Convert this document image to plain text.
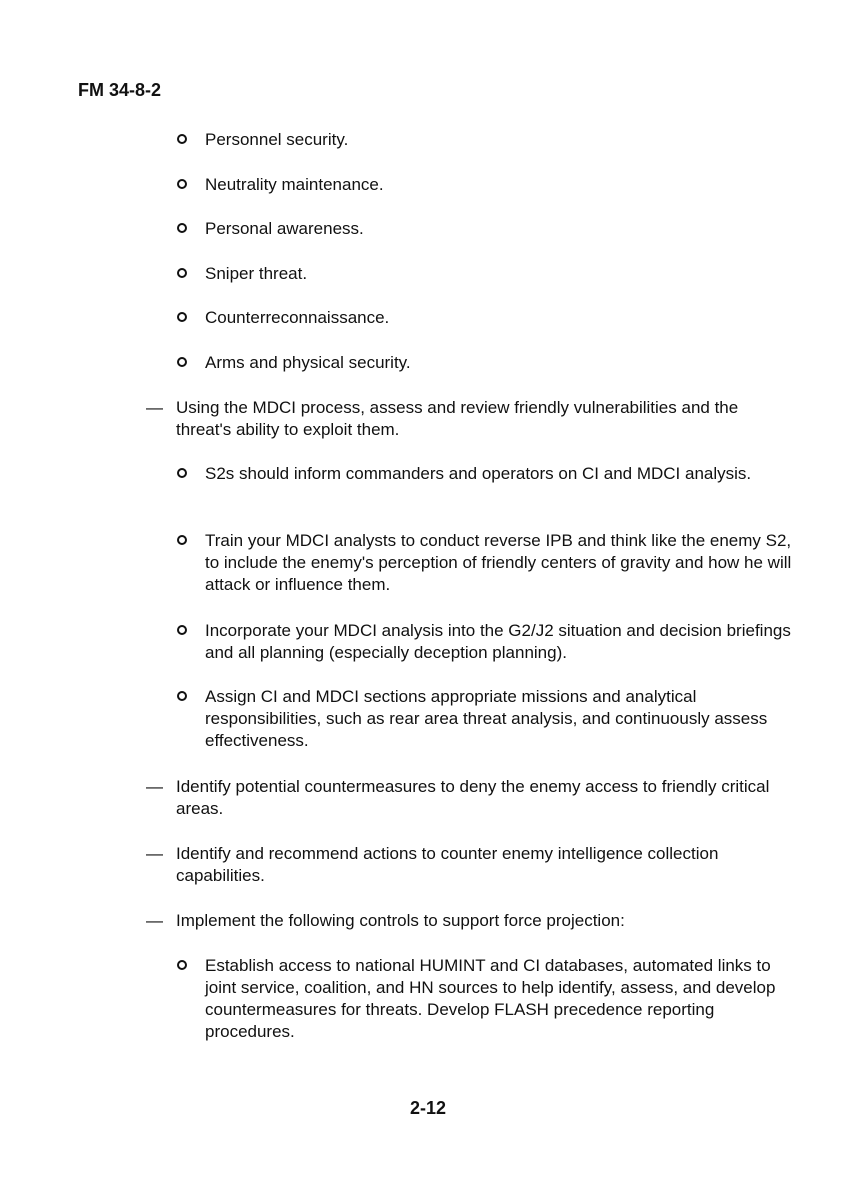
FM 34-8-2
Personnel security.
Neutrality maintenance.
Personal awareness.
Sniper threat.
Counterreconnaissance.
Arms and physical security.
— Using the MDCI process, assess and review friendly vulnerabilities and the threat's ability to exploit them.
S2s should inform commanders and operators on CI and MDCI analysis.
Train your MDCI analysts to conduct reverse IPB and think like the enemy S2, to include the enemy's perception of friendly centers of gravity and how he will attack or influence them.
Incorporate your MDCI analysis into the G2/J2 situation and decision briefings and all planning (especially deception planning).
Assign CI and MDCI sections appropriate missions and analytical responsibilities, such as rear area threat analysis, and continuously assess effectiveness.
— Identify potential countermeasures to deny the enemy access to friendly critical areas.
— Identify and recommend actions to counter enemy intelligence collection capabilities.
— Implement the following controls to support force projection:
Establish access to national HUMINT and CI databases, automated links to joint service, coalition, and HN sources to help identify, assess, and develop countermeasures for threats. Develop FLASH precedence reporting procedures.
2-12
